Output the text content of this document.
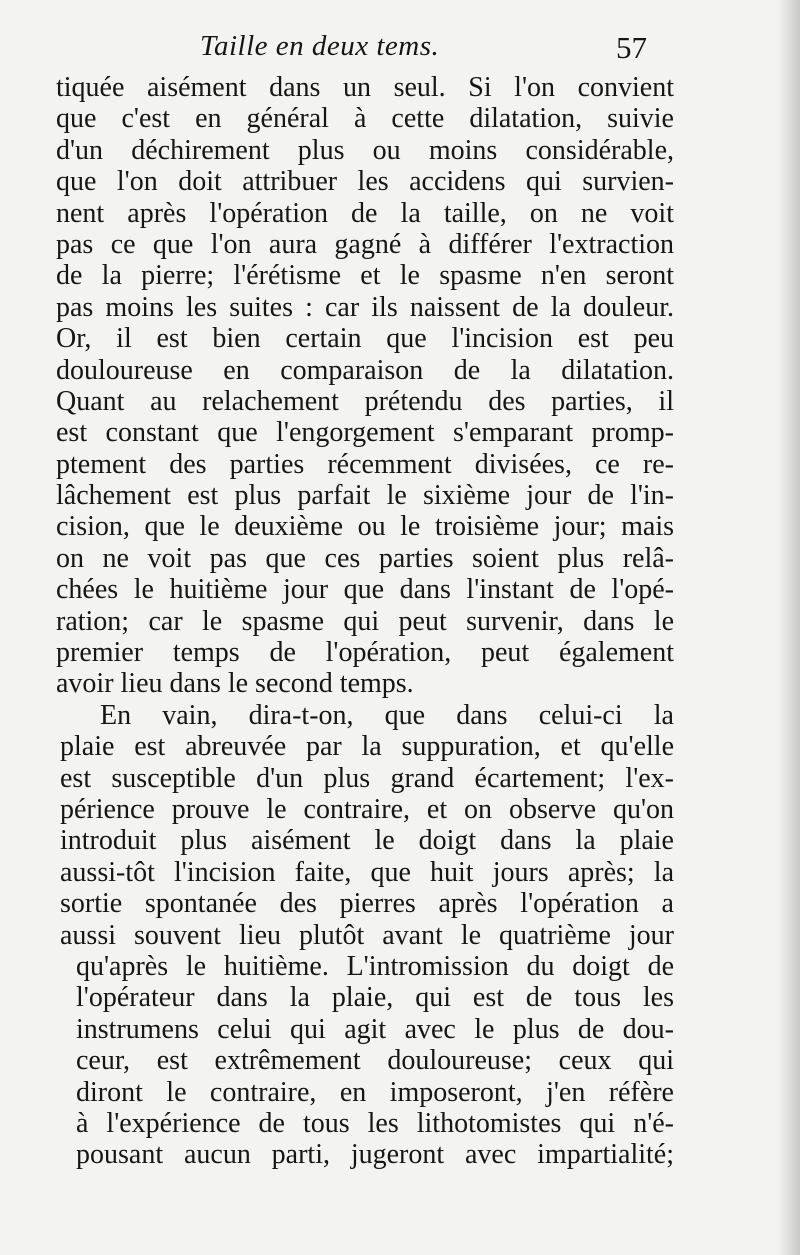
Taille en deux tems.	57
tiquée aisément dans un seul. Si l'on convient
que c'est en général à cette dilatation, suivie
d'un déchirement plus ou moins considérable,
que l'on doit attribuer les accidens qui survien-
nent après l'opération de la taille, on ne voit
pas ce que l'on aura gagné à différer l'extraction
de la pierre; l'érétisme et le spasme n'en seront
pas moins les suites : car ils naissent de la douleur.
Or, il est bien certain que l'incision est peu
douloureuse en comparaison de la dilatation.
Quant au relachement prétendu des parties, il
est constant que l'engorgement s'emparant promp-
ptement des parties récemment divisées, ce re-
lâchement est plus parfait le sixième jour de l'in-
cision, que le deuxième ou le troisième jour; mais
on ne voit pas que ces parties soient plus relâ-
chées le huitième jour que dans l'instant de l'opé-
ration; car le spasme qui peut survenir, dans le
premier temps de l'opération, peut également
avoir lieu dans le second temps.
En vain, dira-t-on, que dans celui-ci la
plaie est abreuvée par la suppuration, et qu'elle
est susceptible d'un plus grand écartement; l'ex-
périence prouve le contraire, et on observe qu'on
introduit plus aisément le doigt dans la plaie
aussi-tôt l'incision faite, que huit jours après; la
sortie spontanée des pierres après l'opération a
aussi souvent lieu plutôt avant le quatrième jour
qu'après le huitième. L'intromission du doigt de
l'opérateur dans la plaie, qui est de tous les
instrumens celui qui agit avec le plus de dou-
ceur, est extrêmement douloureuse; ceux qui
diront le contraire, en imposeront, j'en réfère
à l'expérience de tous les lithotomistes qui n'é-
pousant aucun parti, jugeront avec impartialité;
